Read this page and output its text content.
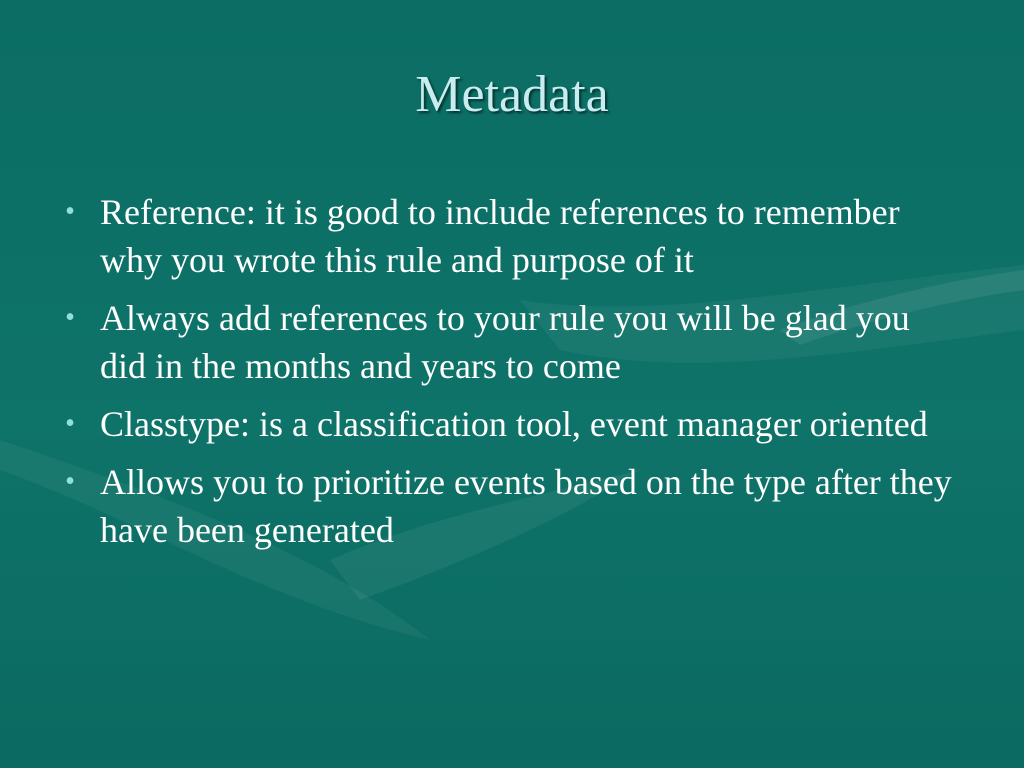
Metadata
• Reference: it is good to include references to remember why you wrote this rule and purpose of it
• Always add references to your rule you will be glad you did in the months and years to come
• Classtype: is a classification tool, event manager oriented
• Allows you to prioritize events based on the type after they have been generated
